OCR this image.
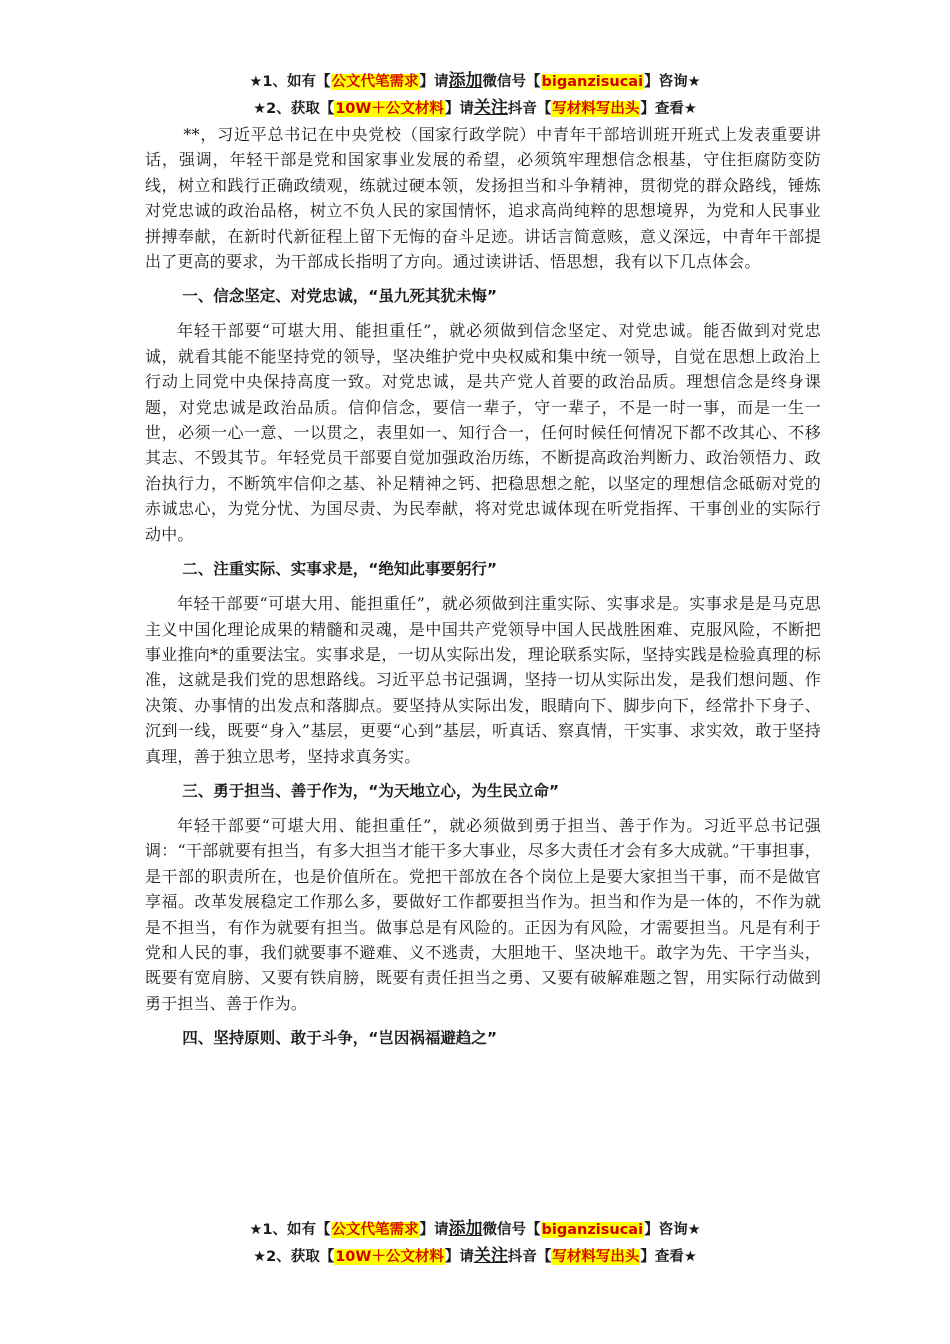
★1、如有【公文代笔需求】请添加微信号【biganzisucai】咨询★
★2、获取【10W＋公文材料】请关注抖音【写材料写出头】查看★

**，习近平总书记在中央党校（国家行政学院）中青年干部培训班开班式上发表重要讲话，强调，年轻干部是党和国家事业发展的希望，必须筑牢理想信念根基，守住拒腐防变防线，树立和践行正确政绩观，练就过硬本领，发扬担当和斗争精神，贯彻党的群众路线，锤炼对党忠诚的政治品格，树立不负人民的家国情怀，追求高尚纯粹的思想境界，为党和人民事业拼搏奉献，在新时代新征程上留下无悔的奋斗足迹。讲话言简意赅，意义深远，中青年干部提出了更高的要求，为干部成长指明了方向。通过读讲话、悟思想，我有以下几点体会。

一、信念坚定、对党忠诚，“虽九死其犹未悔”

年轻干部要“可堪大用、能担重任”，就必须做到信念坚定、对党忠诚。能否做到对党忠诚，就看其能不能坚持党的领导，坚决维护党中央权威和集中统一领导，自觉在思想上政治上行动上同党中央保持高度一致。对党忠诚，是共产党人首要的政治品质。理想信念是终身课题，对党忠诚是政治品质。信仰信念，要信一辈子，守一辈子，不是一时一事，而是一生一世，必须一心一意、一以贯之，表里如一、知行合一，任何时候任何情况下都不改其心、不移其志、不毁其节。年轻党员干部要自觉加强政治历练，不断提高政治判断力、政治领悟力、政治执行力，不断筑牢信仰之基、补足精神之钙、把稳思想之舵，以坚定的理想信念砥砺对党的赤诚忠心，为党分忧、为国尽责、为民奉献，将对党忠诚体现在听党指挥、干事创业的实际行动中。

二、注重实际、实事求是，“绝知此事要躬行”

年轻干部要“可堪大用、能担重任”，就必须做到注重实际、实事求是。实事求是是马克思主义中国化理论成果的精髓和灵魂，是中国共产党领导中国人民战胜困难、克服风险，不断把事业推向*的重要法宝。实事求是，一切从实际出发，理论联系实际，坚持实践是检验真理的标准，这就是我们党的思想路线。习近平总书记强调，坚持一切从实际出发，是我们想问题、作决策、办事情的出发点和落脚点。要坚持从实际出发，眼睛向下、脚步向下，经常扑下身子、沉到一线，既要“身入”基层，更要“心到”基层，听真话、察真情，干实事、求实效，敢于坚持真理，善于独立思考，坚持求真务实。

三、勇于担当、善于作为，“为天地立心，为生民立命”

年轻干部要“可堪大用、能担重任”，就必须做到勇于担当、善于作为。习近平总书记强调：“干部就要有担当，有多大担当才能干多大事业，尽多大责任才会有多大成就。”干事担事，是干部的职责所在，也是价值所在。党把干部放在各个岗位上是要大家担当干事，而不是做官享福。改革发展稳定工作那么多，要做好工作都要担当作为。担当和作为是一体的，不作为就是不担当，有作为就要有担当。做事总是有风险的。正因为有风险，才需要担当。凡是有利于党和人民的事，我们就要事不避难、义不逃责，大胆地干、坚决地干。敢字为先、干字当头，既要有宽肩膀、又要有铁肩膀，既要有责任担当之勇、又要有破解难题之智，用实际行动做到勇于担当、善于作为。

四、坚持原则、敢于斗争，“岂因祸福避趋之”
★1、如有【公文代笔需求】请添加微信号【biganzisucai】咨询★
★2、获取【10W＋公文材料】请关注抖音【写材料写出头】查看★
